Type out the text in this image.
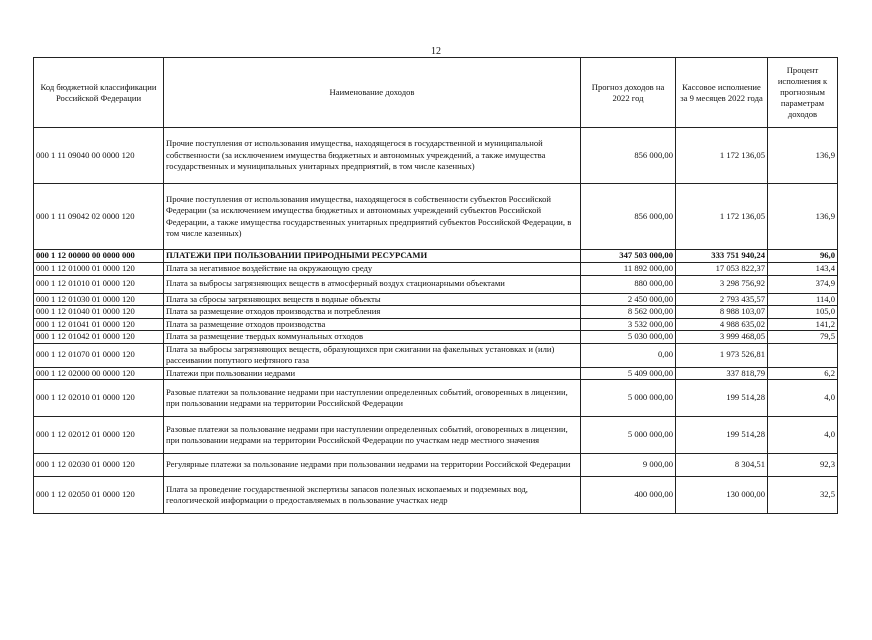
12
Код бюджетной классификации Российской Федерации	Наименование доходов	Прогноз доходов на 2022 год	Кассовое исполнение за 9 месяцев 2022 года	Процент исполнения к прогнозным параметрам доходов
000 1 11 09040 00 0000 120	Прочие поступления от использования имущества, находящегося в государственной и муниципальной собственности (за исключением имущества бюджетных и автономных учреждений, а также имущества государственных и муниципальных унитарных предприятий, в том числе казенных)	856 000,00	1 172 136,05	136,9
000 1 11 09042 02 0000 120	Прочие поступления от использования имущества, находящегося в собственности субъектов Российской Федерации (за исключением имущества бюджетных и автономных учреждений субъектов Российской Федерации, а также имущества государственных унитарных предприятий субъектов Российской Федерации, в том числе казенных)	856 000,00	1 172 136,05	136,9
000 1 12 00000 00 0000 000	ПЛАТЕЖИ ПРИ ПОЛЬЗОВАНИИ ПРИРОДНЫМИ РЕСУРСАМИ	347 503 000,00	333 751 940,24	96,0
000 1 12 01000 01 0000 120	Плата за негативное воздействие на окружающую среду	11 892 000,00	17 053 822,37	143,4
000 1 12 01010 01 0000 120	Плата за выбросы загрязняющих веществ в атмосферный воздух стационарными объектами	880 000,00	3 298 756,92	374,9
000 1 12 01030 01 0000 120	Плата за сбросы загрязняющих веществ в водные объекты	2 450 000,00	2 793 435,57	114,0
000 1 12 01040 01 0000 120	Плата за размещение отходов производства и потребления	8 562 000,00	8 988 103,07	105,0
000 1 12 01041 01 0000 120	Плата за размещение отходов производства	3 532 000,00	4 988 635,02	141,2
000 1 12 01042 01 0000 120	Плата за размещение твердых коммунальных отходов	5 030 000,00	3 999 468,05	79,5
000 1 12 01070 01 0000 120	Плата за выбросы загрязняющих веществ, образующихся при сжигании на факельных установках и (или) рассеивании попутного нефтяного газа	0,00	1 973 526,81	
000 1 12 02000 00 0000 120	Платежи при пользовании недрами	5 409 000,00	337 818,79	6,2
000 1 12 02010 01 0000 120	Разовые платежи за пользование недрами при наступлении определенных событий, оговоренных в лицензии, при пользовании недрами на территории Российской Федерации	5 000 000,00	199 514,28	4,0
000 1 12 02012 01 0000 120	Разовые платежи за пользование недрами при наступлении определенных событий, оговоренных в лицензии, при пользовании недрами на территории Российской Федерации по участкам недр местного значения	5 000 000,00	199 514,28	4,0
000 1 12 02030 01 0000 120	Регулярные платежи за пользование недрами при пользовании недрами на территории Российской Федерации	9 000,00	8 304,51	92,3
000 1 12 02050 01 0000 120	Плата за проведение государственной экспертизы запасов полезных ископаемых и подземных вод, геологической информации о предоставляемых в пользование участках недр	400 000,00	130 000,00	32,5
